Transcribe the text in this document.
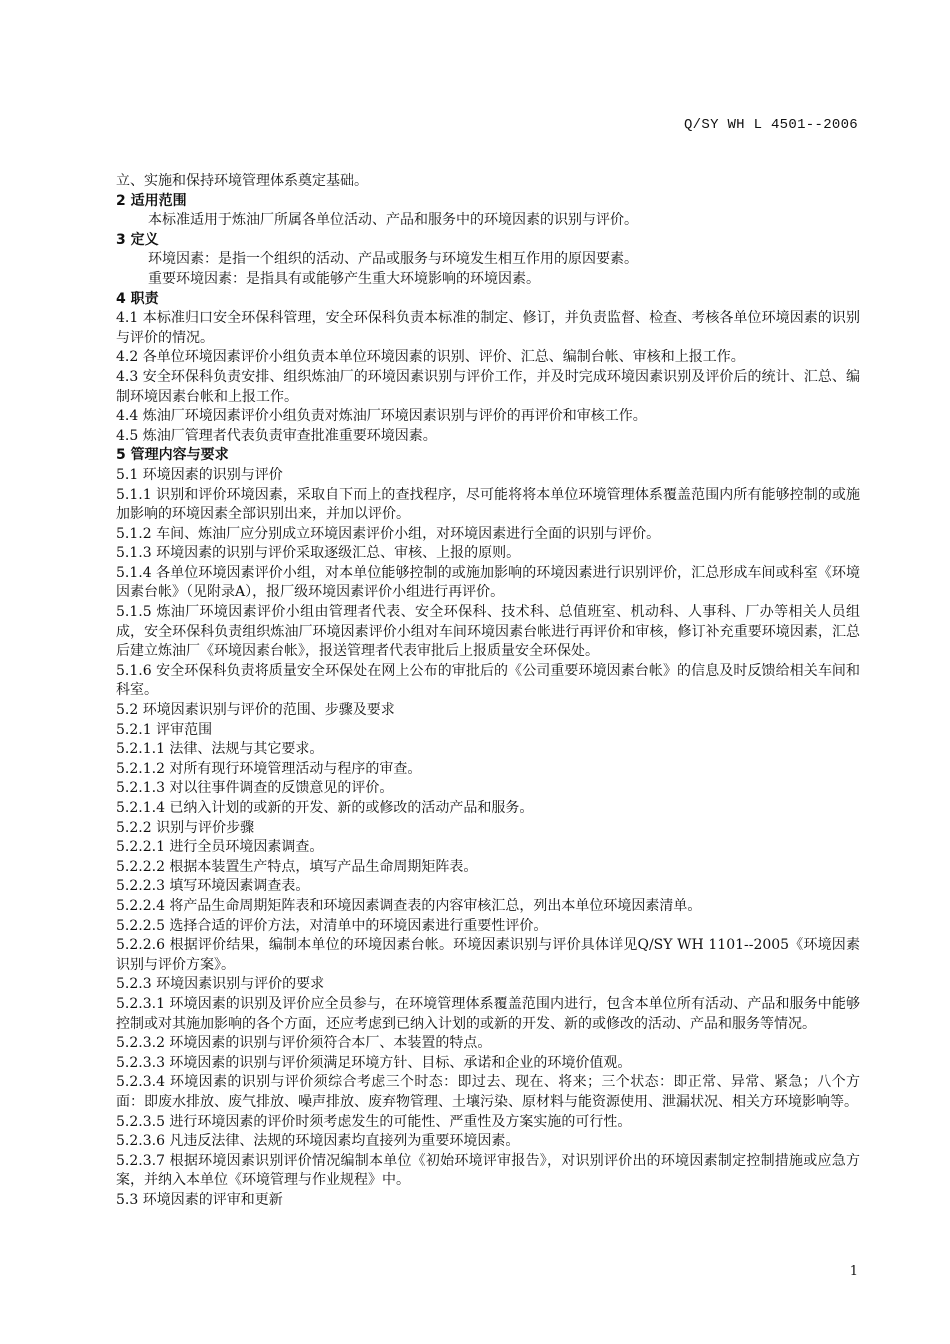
Q/SY WH L 4501--2006
立、实施和保持环境管理体系奠定基础。
2 适用范围
本标准适用于炼油厂所属各单位活动、产品和服务中的环境因素的识别与评价。
3 定义
环境因素：是指一个组织的活动、产品或服务与环境发生相互作用的原因要素。
重要环境因素：是指具有或能够产生重大环境影响的环境因素。
4 职责
4.1 本标准归口安全环保科管理，安全环保科负责本标准的制定、修订，并负责监督、检查、考核各单位环境因素的识别与评价的情况。
4.2 各单位环境因素评价小组负责本单位环境因素的识别、评价、汇总、编制台帐、审核和上报工作。
4.3 安全环保科负责安排、组织炼油厂的环境因素识别与评价工作，并及时完成环境因素识别及评价后的统计、汇总、编制环境因素台帐和上报工作。
4.4 炼油厂环境因素评价小组负责对炼油厂环境因素识别与评价的再评价和审核工作。
4.5 炼油厂管理者代表负责审查批准重要环境因素。
5 管理内容与要求
5.1 环境因素的识别与评价
5.1.1 识别和评价环境因素，采取自下而上的查找程序，尽可能将将本单位环境管理体系覆盖范围内所有能够控制的或施加影响的环境因素全部识别出来，并加以评价。
5.1.2 车间、炼油厂应分别成立环境因素评价小组，对环境因素进行全面的识别与评价。
5.1.3 环境因素的识别与评价采取逐级汇总、审核、上报的原则。
5.1.4 各单位环境因素评价小组，对本单位能够控制的或施加影响的环境因素进行识别评价，汇总形成车间或科室《环境因素台帐》（见附录A），报厂级环境因素评价小组进行再评价。
5.1.5 炼油厂环境因素评价小组由管理者代表、安全环保科、技术科、总值班室、机动科、人事科、厂办等相关人员组成，安全环保科负责组织炼油厂环境因素评价小组对车间环境因素台帐进行再评价和审核，修订补充重要环境因素，汇总后建立炼油厂《环境因素台帐》，报送管理者代表审批后上报质量安全环保处。
5.1.6 安全环保科负责将质量安全环保处在网上公布的审批后的《公司重要环境因素台帐》的信息及时反馈给相关车间和科室。
5.2 环境因素识别与评价的范围、步骤及要求
5.2.1 评审范围
5.2.1.1 法律、法规与其它要求。
5.2.1.2 对所有现行环境管理活动与程序的审查。
5.2.1.3 对以往事件调查的反馈意见的评价。
5.2.1.4 已纳入计划的或新的开发、新的或修改的活动产品和服务。
5.2.2 识别与评价步骤
5.2.2.1 进行全员环境因素调查。
5.2.2.2 根据本装置生产特点，填写产品生命周期矩阵表。
5.2.2.3 填写环境因素调查表。
5.2.2.4 将产品生命周期矩阵表和环境因素调查表的内容审核汇总，列出本单位环境因素清单。
5.2.2.5 选择合适的评价方法，对清单中的环境因素进行重要性评价。
5.2.2.6 根据评价结果，编制本单位的环境因素台帐。环境因素识别与评价具体详见Q/SY WH 1101--2005《环境因素识别与评价方案》。
5.2.3 环境因素识别与评价的要求
5.2.3.1 环境因素的识别及评价应全员参与，在环境管理体系覆盖范围内进行，包含本单位所有活动、产品和服务中能够控制或对其施加影响的各个方面，还应考虑到已纳入计划的或新的开发、新的或修改的活动、产品和服务等情况。
5.2.3.2 环境因素的识别与评价须符合本厂、本装置的特点。
5.2.3.3 环境因素的识别与评价须满足环境方针、目标、承诺和企业的环境价值观。
5.2.3.4 环境因素的识别与评价须综合考虑三个时态：即过去、现在、将来；三个状态：即正常、异常、紧急；八个方面：即废水排放、废气排放、噪声排放、废弃物管理、土壤污染、原材料与能资源使用、泄漏状况、相关方环境影响等。
5.2.3.5 进行环境因素的评价时须考虑发生的可能性、严重性及方案实施的可行性。
5.2.3.6 凡违反法律、法规的环境因素均直接列为重要环境因素。
5.2.3.7 根据环境因素识别评价情况编制本单位《初始环境评审报告》，对识别评价出的环境因素制定控制措施或应急方案，并纳入本单位《环境管理与作业规程》中。
5.3 环境因素的评审和更新
1
